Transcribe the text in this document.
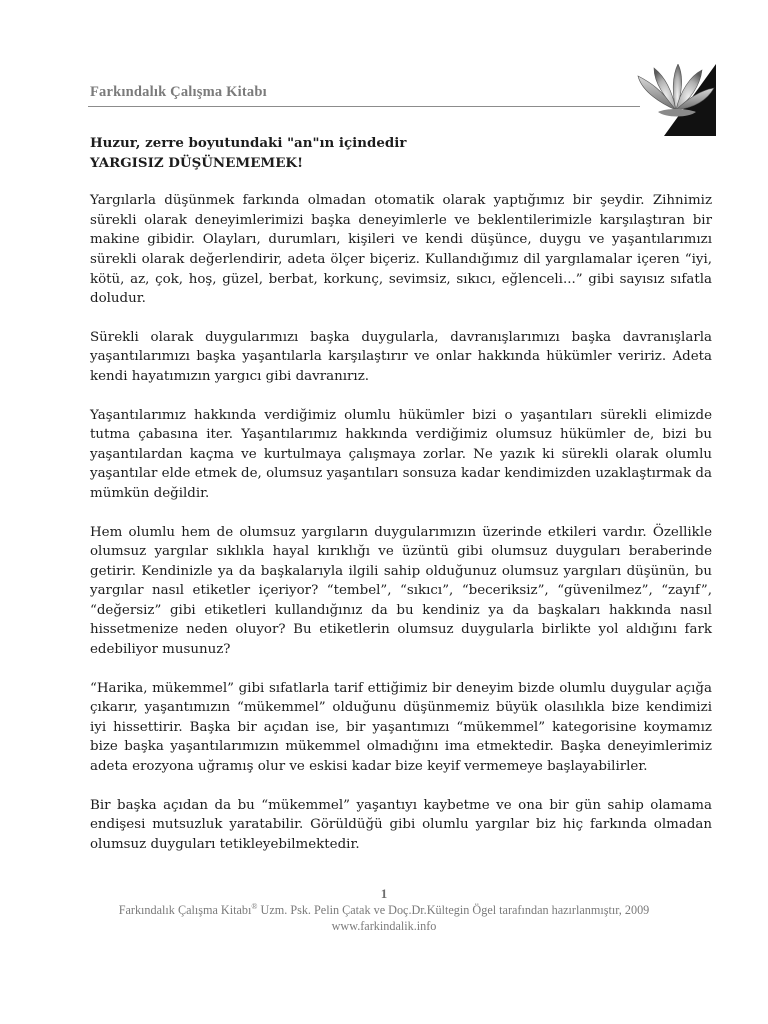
Farkındalık Çalışma Kitabı

Huzur, zerre boyutundaki "an"ın içindedir

YARGISIZ DÜŞÜNEMEMEK!

Yargılarla düşünmek farkında olmadan otomatik olarak yaptığımız bir şeydir. Zihnimiz sürekli olarak deneyimlerimizi başka deneyimlerle ve beklentilerimizle karşılaştıran bir makine gibidir. Olayları, durumları, kişileri ve kendi düşünce, duygu ve yaşantılarımızı sürekli olarak değerlendirir, adeta ölçer biçeriz. Kullandığımız dil yargılamalar içeren “iyi, kötü, az, çok, hoş, güzel, berbat, korkunç, sevimsiz, sıkıcı, eğlenceli...” gibi sayısız sıfatla doludur.

Sürekli olarak duygularımızı başka duygularla, davranışlarımızı başka davranışlarla yaşantılarımızı başka yaşantılarla karşılaştırır ve onlar hakkında hükümler veririz. Adeta kendi hayatımızın yargıcı gibi davranırız.

Yaşantılarımız hakkında verdiğimiz olumlu hükümler bizi o yaşantıları sürekli elimizde tutma çabasına iter. Yaşantılarımız hakkında verdiğimiz olumsuz hükümler de, bizi bu yaşantılardan kaçma ve kurtulmaya çalışmaya zorlar. Ne yazık ki sürekli olarak olumlu yaşantılar elde etmek de, olumsuz yaşantıları sonsuza kadar kendimizden uzaklaştırmak da mümkün değildir.

Hem olumlu hem de olumsuz yargıların duygularımızın üzerinde etkileri vardır. Özellikle olumsuz yargılar sıklıkla hayal kırıklığı ve üzüntü gibi olumsuz duyguları beraberinde getirir. Kendinizle ya da başkalarıyla ilgili sahip olduğunuz olumsuz yargıları düşünün, bu yargılar nasıl etiketler içeriyor? “tembel”, “sıkıcı”, “beceriksiz”, “güvenilmez”, “zayıf”, “değersiz” gibi etiketleri kullandığınız da bu kendiniz ya da başkaları hakkında nasıl hissetmenize neden oluyor? Bu etiketlerin olumsuz duygularla birlikte yol aldığını fark edebiliyor musunuz?

“Harika, mükemmel” gibi sıfatlarla tarif ettiğimiz bir deneyim bizde olumlu duygular açığa çıkarır, yaşantımızın “mükemmel” olduğunu düşünmemiz büyük olasılıkla bize kendimizi iyi hissettirir. Başka bir açıdan ise, bir yaşantımızı “mükemmel” kategorisine koymamız bize başka yaşantılarımızın mükemmel olmadığını ima etmektedir. Başka deneyimlerimiz adeta erozyona uğramış olur ve eskisi kadar bize keyif vermemeye başlayabilirler.

Bir başka açıdan da bu “mükemmel” yaşantıyı kaybetme ve ona bir gün sahip olamama endişesi mutsuzluk yaratabilir. Görüldüğü gibi olumlu yargılar biz hiç farkında olmadan olumsuz duyguları tetikleyebilmektedir.

1
Farkındalık Çalışma Kitabı® Uzm. Psk. Pelin Çatak ve Doç.Dr.Kültegin Ögel tarafından hazırlanmıştır, 2009
www.farkindalik.info
